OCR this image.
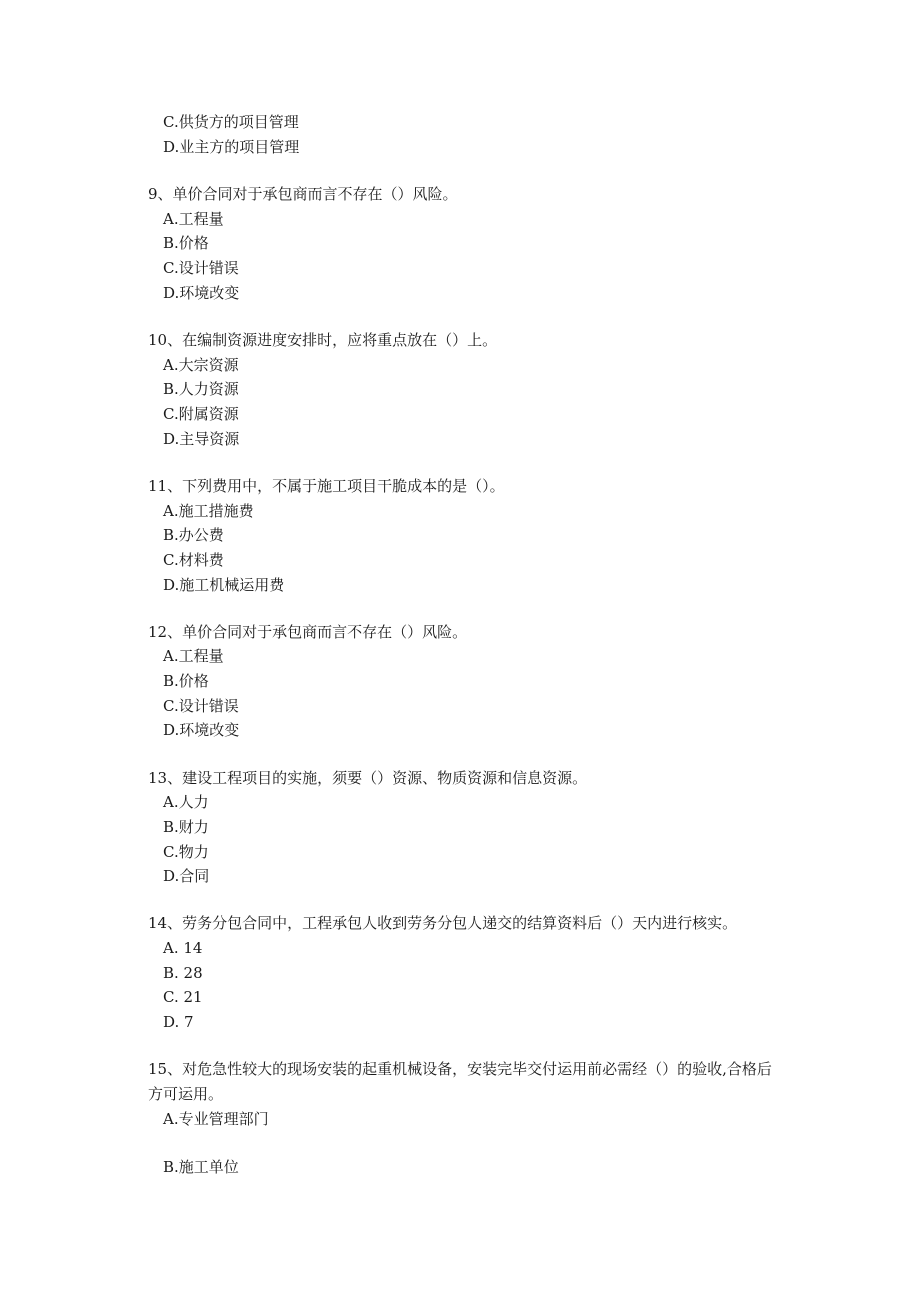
C.供货方的项目管理
D.业主方的项目管理
9、单价合同对于承包商而言不存在（）风险。
A.工程量
B.价格
C.设计错误
D.环境改变
10、在编制资源进度安排时，应将重点放在（）上。
A.大宗资源
B.人力资源
C.附属资源
D.主导资源
11、下列费用中，不属于施工项目干脆成本的是（）。
A.施工措施费
B.办公费
C.材料费
D.施工机械运用费
12、单价合同对于承包商而言不存在（）风险。
A.工程量
B.价格
C.设计错误
D.环境改变
13、建设工程项目的实施，须要（）资源、物质资源和信息资源。
A.人力
B.财力
C.物力
D.合同
14、劳务分包合同中，工程承包人收到劳务分包人递交的结算资料后（）天内进行核实。
A. 14
B. 28
C. 21
D. 7
15、对危急性较大的现场安装的起重机械设备，安装完毕交付运用前必需经（）的验收,合格后
方可运用。
A.专业管理部门
B.施工单位
